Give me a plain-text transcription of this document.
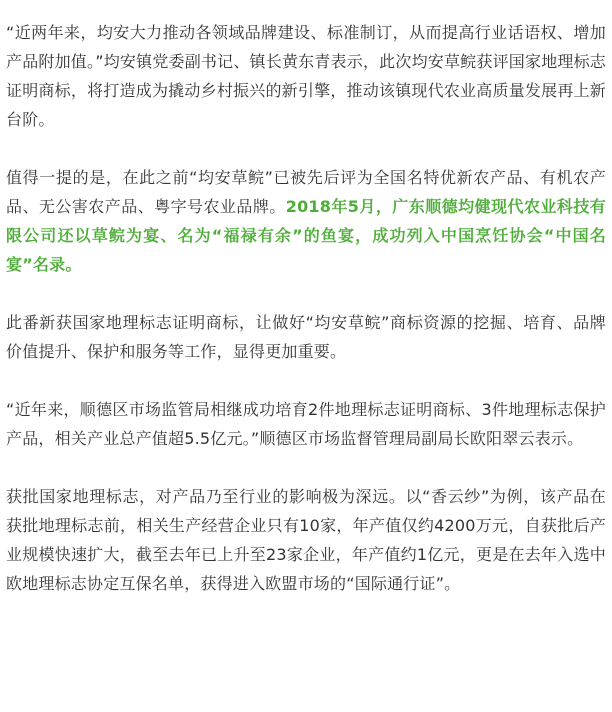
“近两年来，均安大力推动各领域品牌建设、标准制订，从而提高行业话语权、增加产品附加值。”均安镇党委副书记、镇长黄东青表示，此次均安草鲩获评国家地理标志证明商标，将打造成为撬动乡村振兴的新引擎，推动该镇现代农业高质量发展再上新台阶。

值得一提的是，在此之前“均安草鲩”已被先后评为全国名特优新农产品、有机农产品、无公害农产品、粤字号农业品牌。2018年5月，广东顺德均健现代农业科技有限公司还以草鲩为宴、名为“福禄有余”的鱼宴，成功列入中国烹饪协会“中国名宴”名录。

此番新获国家地理标志证明商标，让做好“均安草鲩”商标资源的挖掘、培育、品牌价值提升、保护和服务等工作，显得更加重要。

“近年来，顺德区市场监管局相继成功培育2件地理标志证明商标、3件地理标志保护产品，相关产业总产值超5.5亿元。”顺德区市场监督管理局副局长欧阳翠云表示。

获批国家地理标志，对产品乃至行业的影响极为深远。以“香云纱”为例，该产品在获批地理标志前，相关生产经营企业只有10家，年产值仅约4200万元，自获批后产业规模快速扩大，截至去年已上升至23家企业，年产值约1亿元，更是在去年入选中欧地理标志协定互保名单，获得进入欧盟市场的“国际通行证”。
